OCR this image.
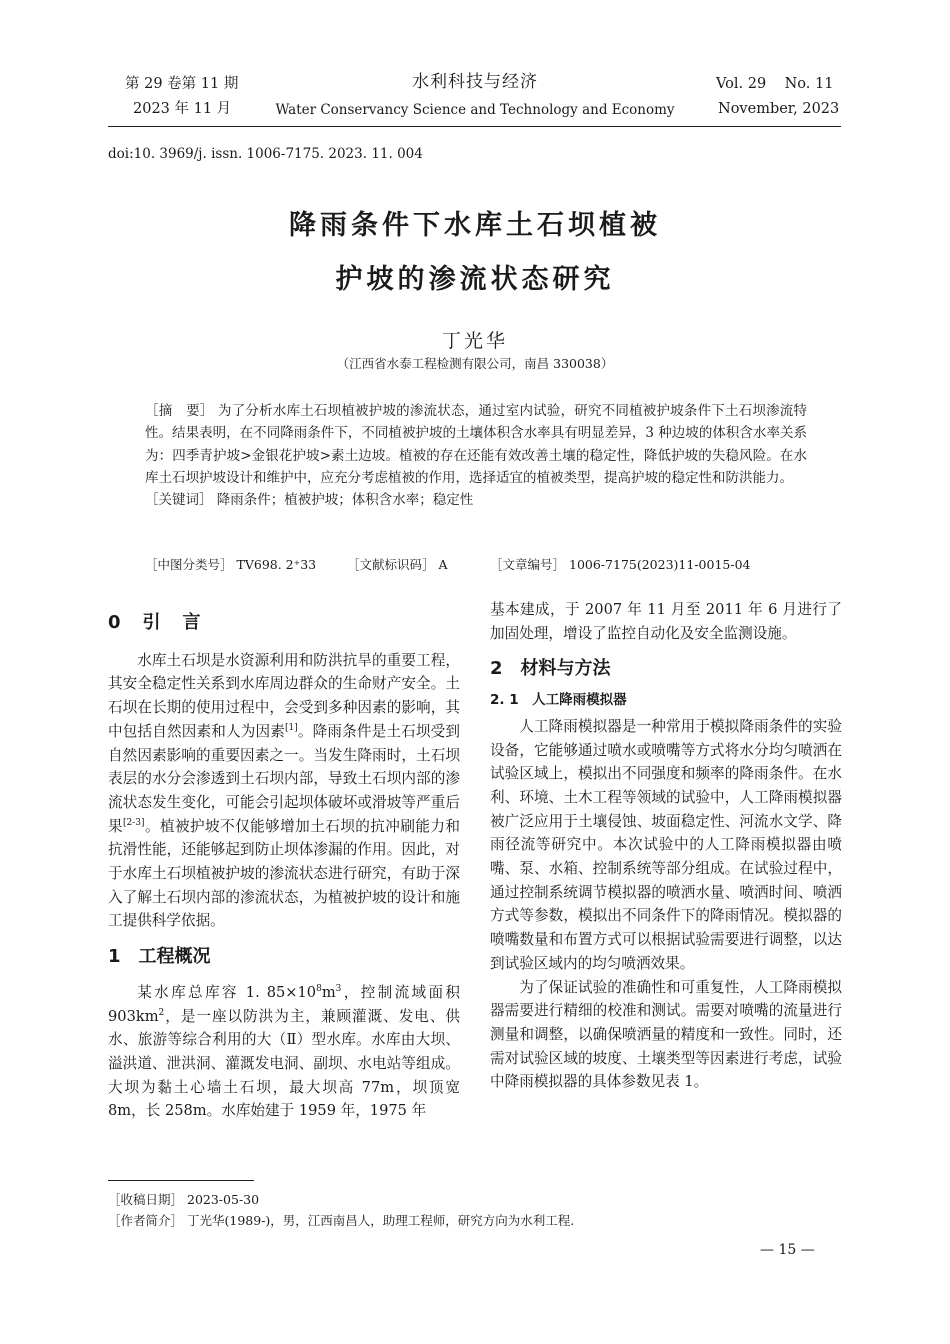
第 29 卷第 11 期
2023 年 11 月
水利科技与经济
Water Conservancy Science and Technology and Economy
Vol. 29    No. 11
November, 2023
doi:10. 3969/j. issn. 1006-7175. 2023. 11. 004
降雨条件下水库土石坝植被
护坡的渗流状态研究
丁光华
（江西省水泰工程检测有限公司，南昌 330038）
［摘　要］ 为了分析水库土石坝植被护坡的渗流状态，通过室内试验，研究不同植被护坡条件下土石坝渗流特性。结果表明，在不同降雨条件下，不同植被护坡的土壤体积含水率具有明显差异，3 种边坡的体积含水率关系为：四季青护坡>金银花护坡>素土边坡。植被的存在还能有效改善土壤的稳定性，降低护坡的失稳风险。在水库土石坝护坡设计和维护中，应充分考虑植被的作用，选择适宜的植被类型，提高护坡的稳定性和防洪能力。
［关键词］ 降雨条件；植被护坡；体积含水率；稳定性
［中图分类号］ TV698. 2⁺33 ［文献标识码］ A	［文章编号］ 1006-7175(2023)11-0015-04
0　引　言

水库土石坝是水资源利用和防洪抗旱的重要工程，其安全稳定性关系到水库周边群众的生命财产安全。土石坝在长期的使用过程中，会受到多种因素的影响，其中包括自然因素和人为因素[1]。降雨条件是土石坝受到自然因素影响的重要因素之一。当发生降雨时，土石坝表层的水分会渗透到土石坝内部，导致土石坝内部的渗流状态发生变化，可能会引起坝体破坏或滑坡等严重后果[2-3]。植被护坡不仅能够增加土石坝的抗冲刷能力和抗滑性能，还能够起到防止坝体渗漏的作用。因此，对于水库土石坝植被护坡的渗流状态进行研究，有助于深入了解土石坝内部的渗流状态，为植被护坡的设计和施工提供科学依据。

1　工程概况

某水库总库容 1. $85\times 10^8m^3$，控制流域面积 $903km^2$，是一座以防洪为主，兼顾灌溉、发电、供水、旅游等综合利用的大（Ⅱ）型水库。水库由大坝、溢洪道、泄洪洞、灌溉发电洞、副坝、水电站等组成。大坝为黏土心墙土石坝，最大坝高 77m，坝顶宽 8m，长 258m。水库始建于 1959 年，1975 年

基本建成，于 2007 年 11 月至 2011 年 6 月进行了加固处理，增设了监控自动化及安全监测设施。

2　材料与方法
2. 1　人工降雨模拟器

人工降雨模拟器是一种常用于模拟降雨条件的实验设备，它能够通过喷水或喷嘴等方式将水分均匀喷洒在试验区域上，模拟出不同强度和频率的降雨条件。在水利、环境、土木工程等领域的试验中，人工降雨模拟器被广泛应用于土壤侵蚀、坡面稳定性、河流水文学、降雨径流等研究中。本次试验中的人工降雨模拟器由喷嘴、泵、水箱、控制系统等部分组成。在试验过程中，通过控制系统调节模拟器的喷洒水量、喷洒时间、喷洒方式等参数，模拟出不同条件下的降雨情况。模拟器的喷嘴数量和布置方式可以根据试验需要进行调整，以达到试验区域内的均匀喷洒效果。

为了保证试验的准确性和可重复性，人工降雨模拟器需要进行精细的校准和测试。需要对喷嘴的流量进行测量和调整，以确保喷洒量的精度和一致性。同时，还需对试验区域的坡度、土壤类型等因素进行考虑，试验中降雨模拟器的具体参数见表 1。

［收稿日期］ 2023-05-30
［作者简介］ 丁光华(1989-)，男，江西南昌人，助理工程师，研究方向为水利工程.
— 15 —
